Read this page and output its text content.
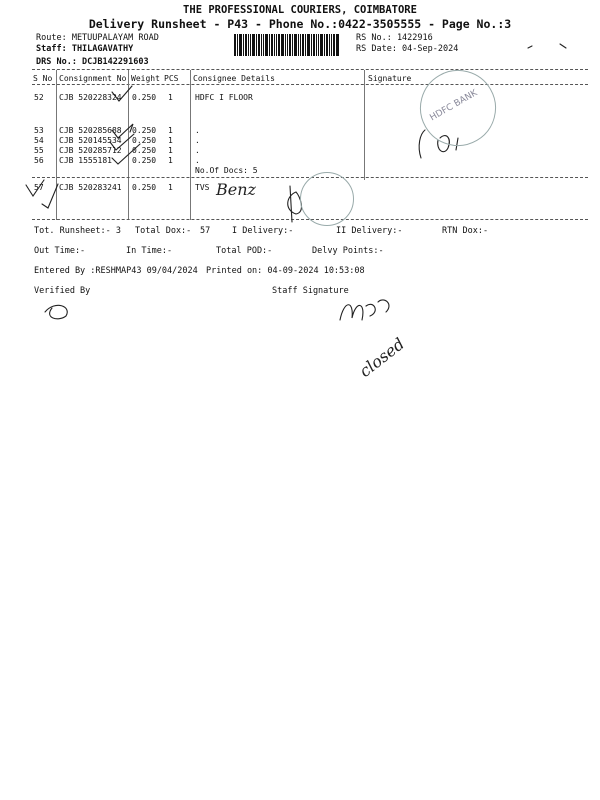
THE PROFESSIONAL COURIERS, COIMBATORE
Delivery Runsheet - P43 - Phone No.:0422-3505555 - Page No.:3
Route: METUUPALAYAM ROAD
Staff: THILAGAVATHY
DRS No.: DCJB142291603
RS No.: 1422916
RS Date: 04-Sep-2024
S No Consignment No Weight PCS Consignee Details	Signature
52 CJB 520228324 0.250 1	HDFC I FLOOR
53 CJB 520285688 0.250 1	.
54 CJB 520145534 0.250 1	.
55 CJB 520285712 0.250 1	.
56 CJB 1555181	0.250 1	.
No.Of Docs: 5
57 CJB 520283241 0.250 1	TVS Benz
closed
HDFC BANK
Tot. Runsheet:- 3 Total Dox:- 57	I Delivery:-	II Delivery:-	RTN Dox:-
Out Time:-	In Time:-	Total POD:-	Delvy Points:-
Entered By :RESHMAP43 09/04/2024 Printed on: 04-09-2024 10:53:08
Verified By	Staff Signature
